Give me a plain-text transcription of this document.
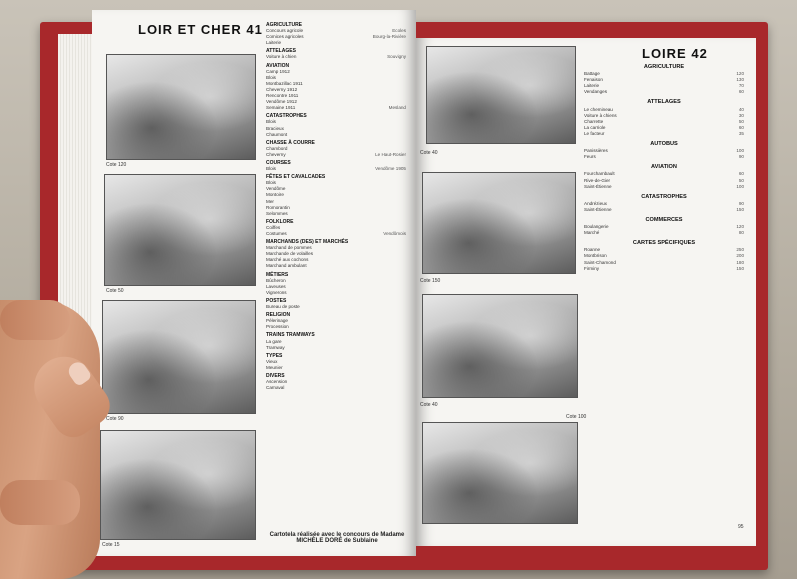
LOIR ET CHER 41
Cote 120
Cote 50
Cote 90
Cote 15
AGRICULTURE
Concours agricole	Ecoles
Comices agricoles	Bourg-la-Rivière
Laiterie
ATTELAGES
Voiture à chien	Souvigny
AVIATION
Camp 1912
Blois
Montbazillac 1911
Cheverny 1912
Rencontre 1911
Vendôme 1912
Semaine 1911	Mesland
CATASTROPHES
Blois
Bracieux
Chaumont
CHASSE À COURRE
Chambord
Cheverny	Le Haut-Rosier
COURSES
Blois	Vendôme 1905
FÊTES ET CAVALCADES
Blois
Vendôme
Montoire
Mer
Romorantin
Selommes
FOLKLORE
Coiffes
Costumes	Vendômois
MARCHANDS (DES) ET MARCHÉS
Marchand de pommes
Marchande de volailles
Marché aux cochons
Marchand ambulant
MÉTIERS
Bûcheron
Laveuses
Vignerons
POSTES
Bureau de poste
RELIGION
Pèlerinage
Procession
TRAINS TRAMWAYS
La gare
Tramway
TYPES
Vieux
Meunier
DIVERS
Ascension
Carnaval
Cartotela réalisée avec le concours de Madame MICHÈLE DORÉ de Sublaine
Cote 40
Cote 150
Cote 40
Cote 100
LOIRE 42
AGRICULTURE
Battage	120
Fenaison	130
Laiterie	70
Vendanges	60
ATTELAGES
Le chemineau	40
Voiture à chiens	30
Charrette	50
La carriole	60
Le facteur	35
AUTOBUS
Panissières	100
Feurs	90
AVIATION
Fourchambault	60
Rive-de-Gier	50
Saint-Étienne	100
CATASTROPHES
Andrézieux	90
Saint-Étienne	150
COMMERCES
Boulangerie	120
Marché	80
CARTES SPÉCIFIQUES
Roanne	250
Montbrison	200
Saint-Chamond	180
Firminy	150
95
